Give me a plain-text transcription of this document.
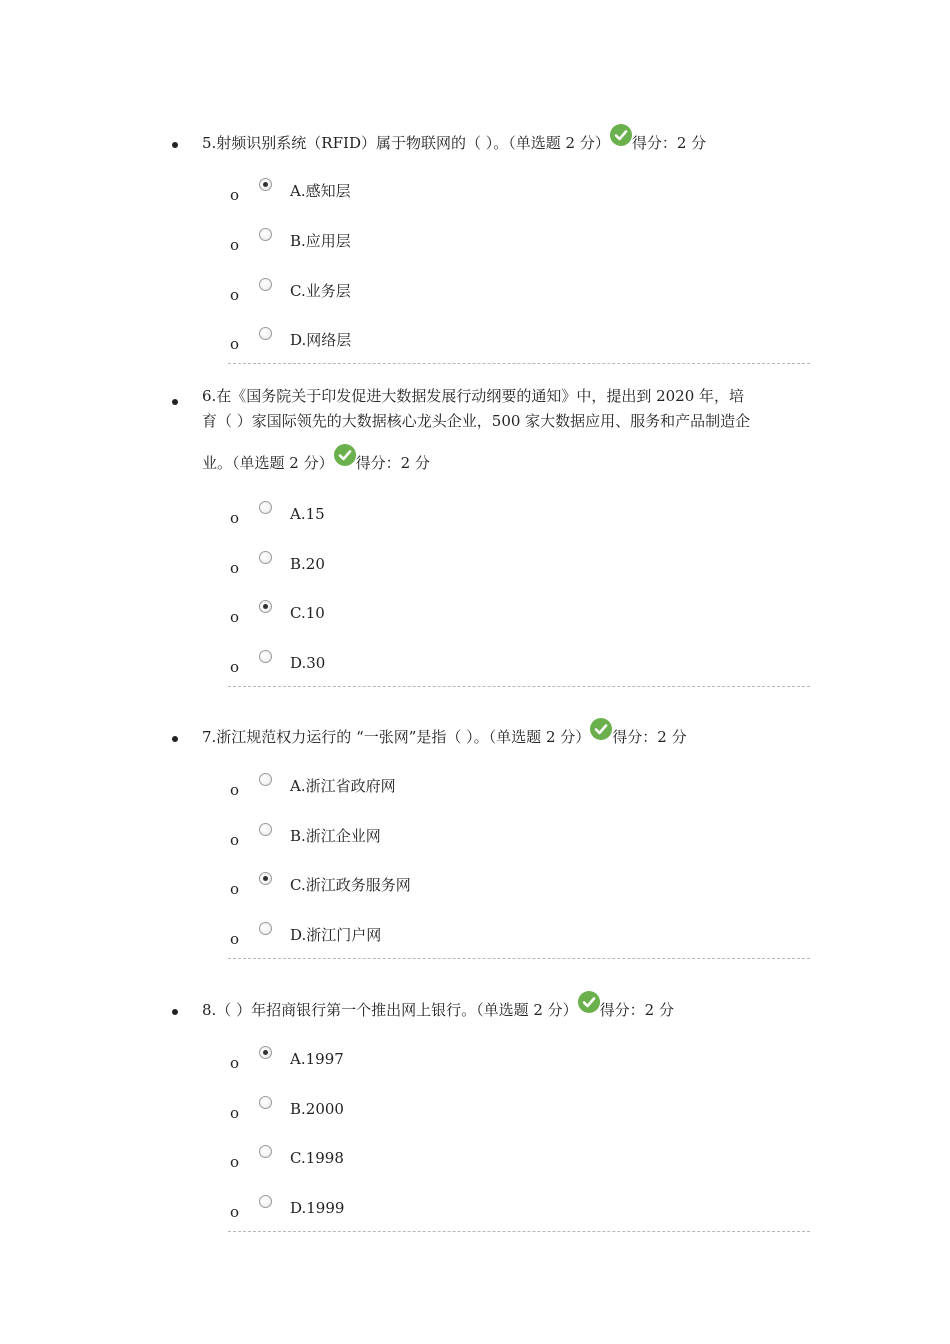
5.射频识别系统（RFID）属于物联网的（ ）。（单选题 2 分） 得分：2 分
o	A.感知层
o	B.应用层
o	C.业务层
o	D.网络层
6.在《国务院关于印发促进大数据发展行动纲要的通知》中，提出到 2020 年，培
育（ ）家国际领先的大数据核心龙头企业，500 家大数据应用、服务和产品制造企
业。（单选题 2 分） 得分：2 分
o	A.15
o	B.20
o	C.10
o	D.30
7.浙江规范权力运行的 “一张网”是指（ ）。（单选题 2 分） 得分：2 分
o	A.浙江省政府网
o	B.浙江企业网
o	C.浙江政务服务网
o	D.浙江门户网
8.（ ）年招商银行第一个推出网上银行。（单选题 2 分） 得分：2 分
o	A.1997
o	B.2000
o	C.1998
o	D.1999
